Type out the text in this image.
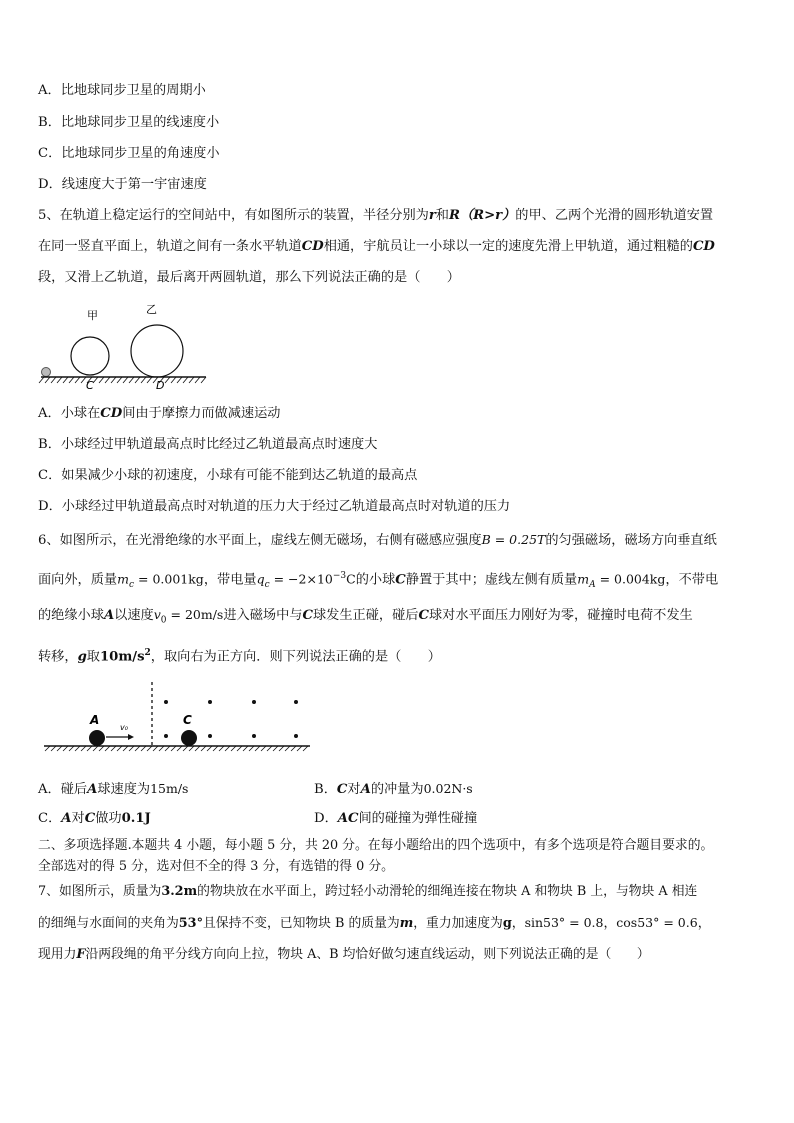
A．比地球同步卫星的周期小
B．比地球同步卫星的线速度小
C．比地球同步卫星的角速度小
D．线速度大于第一宇宙速度
5、在轨道上稳定运行的空间站中，有如图所示的装置，半径分别为r和R（R>r）的甲、乙两个光滑的圆形轨道安置
在同一竖直平面上，轨道之间有一条水平轨道CD相通，宇航员让一小球以一定的速度先滑上甲轨道，通过粗糙的CD
段，又滑上乙轨道，最后离开两圆轨道，那么下列说法正确的是（　　）
甲	乙
C	D
A．小球在CD间由于摩擦力而做减速运动
B．小球经过甲轨道最高点时比经过乙轨道最高点时速度大
C．如果减少小球的初速度，小球有可能不能到达乙轨道的最高点
D．小球经过甲轨道最高点时对轨道的压力大于经过乙轨道最高点时对轨道的压力
6、如图所示，在光滑绝缘的水平面上，虚线左侧无磁场，右侧有磁感应强度B = 0.25T的匀强磁场，磁场方向垂直纸
面向外，质量$m_c = 0.001kg$，带电量$q_c = -2\times 10^{-3}C$的小球C静置于其中；虚线左侧有质量$m_A = 0.004kg$，不带电
的绝缘小球A以速度$v_0 = 20m/s$进入磁场中与C球发生正碰，碰后C球对水平面压力刚好为零，碰撞时电荷不发生
转移，g取$10m/s^2$，取向右为正方向．则下列说法正确的是（　　）
A	C
v₀
A．碰后A球速度为15m/s	B．C对A的冲量为0.02N·s
C．A对C做功0.1J	D．AC间的碰撞为弹性碰撞
二、多项选择题.本题共 4 小题，每小题 5 分，共 20 分。在每小题给出的四个选项中，有多个选项是符合题目要求的。
全部选对的得 5 分，选对但不全的得 3 分，有选错的得 0 分。
7、如图所示，质量为3.2m的物块放在水平面上，跨过轻小动滑轮的细绳连接在物块 A 和物块 B 上，与物块 A 相连
的细绳与水面间的夹角为53°且保持不变，已知物块 B 的质量为m，重力加速度为g，sin53° = 0.8，cos53° = 0.6，
现用力F沿两段绳的角平分线方向向上拉，物块 A、B 均恰好做匀速直线运动，则下列说法正确的是（　　）
